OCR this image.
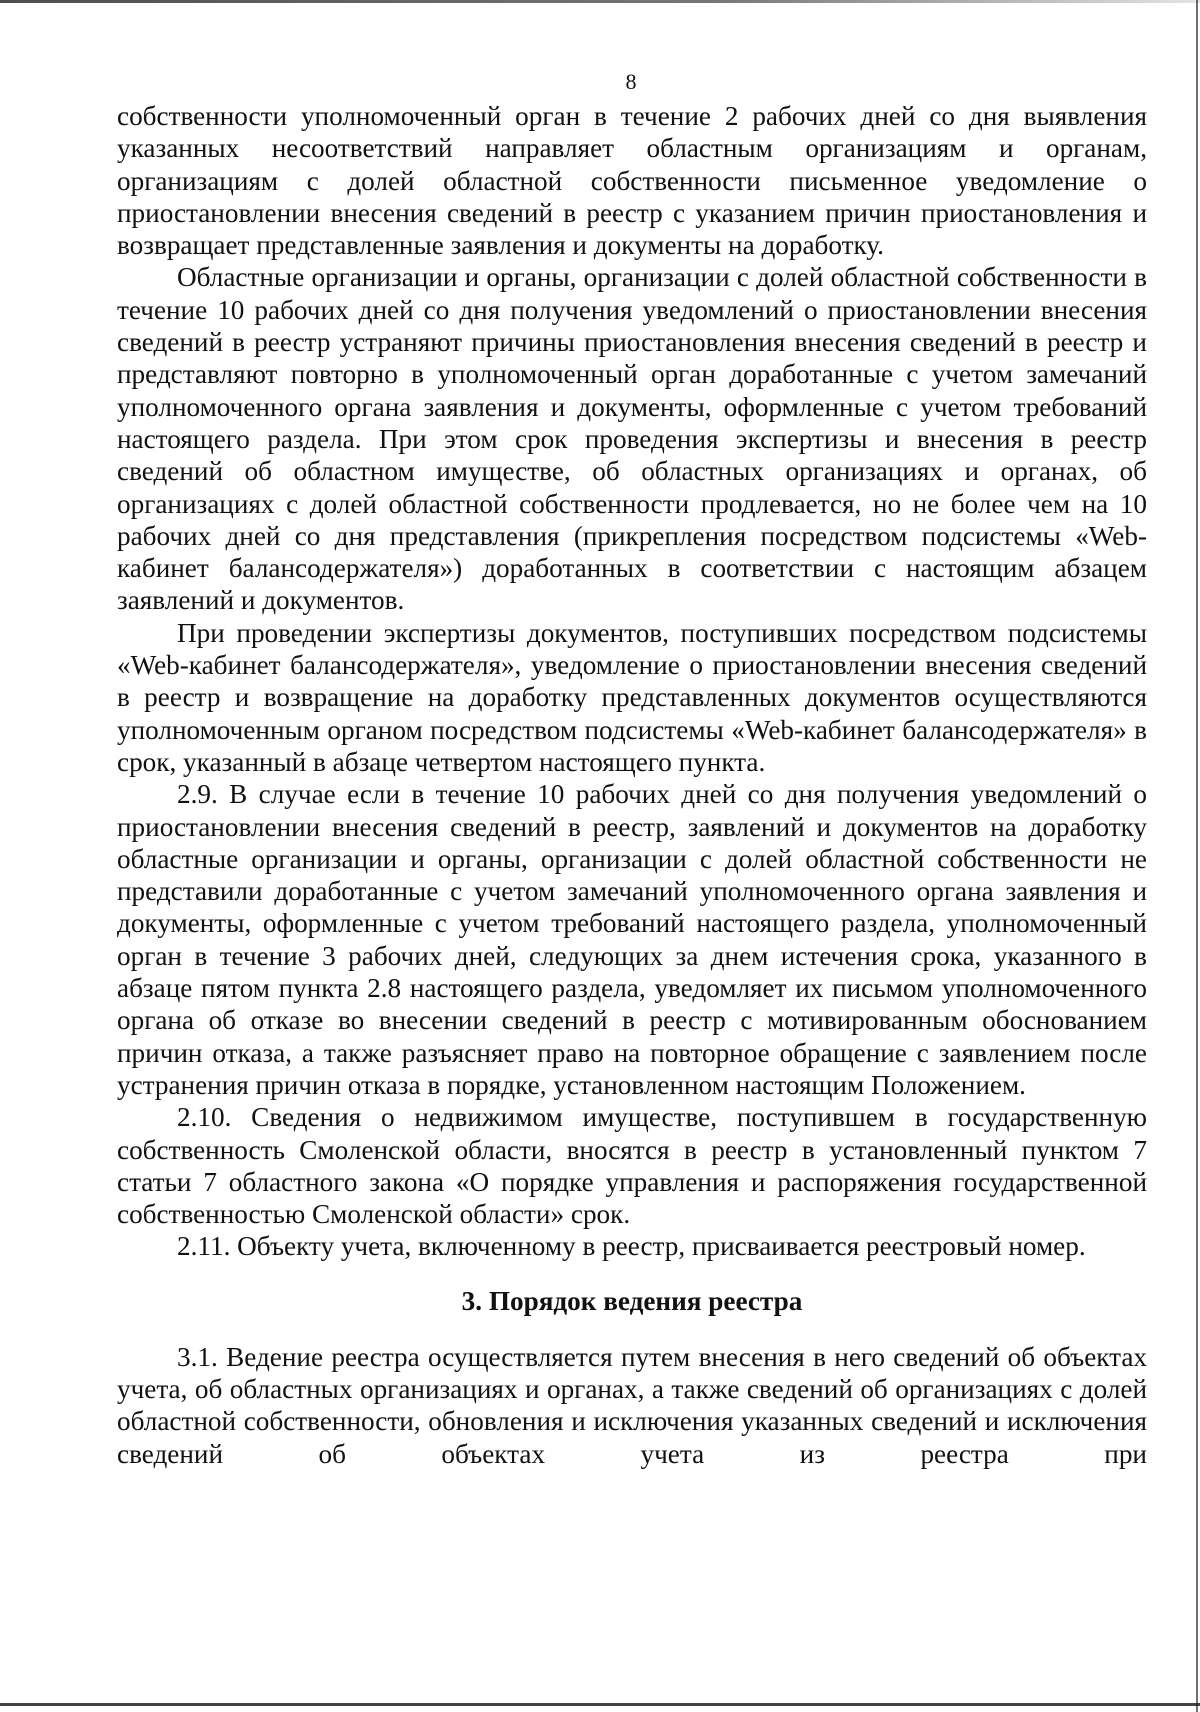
8

собственности уполномоченный орган в течение 2 рабочих дней со дня выявления указанных несоответствий направляет областным организациям и органам, организациям с долей областной собственности письменное уведомление о приостановлении внесения сведений в реестр с указанием причин приостановления и возвращает представленные заявления и документы на доработку.

Областные организации и органы, организации с долей областной собственности в течение 10 рабочих дней со дня получения уведомлений о приостановлении внесения сведений в реестр устраняют причины приостановления внесения сведений в реестр и представляют повторно в уполномоченный орган доработанные с учетом замечаний уполномоченного органа заявления и документы, оформленные с учетом требований настоящего раздела. При этом срок проведения экспертизы и внесения в реестр сведений об областном имуществе, об областных организациях и органах, об организациях с долей областной собственности продлевается, но не более чем на 10 рабочих дней со дня представления (прикрепления посредством подсистемы «Web-кабинет балансодержателя») доработанных в соответствии с настоящим абзацем заявлений и документов.

При проведении экспертизы документов, поступивших посредством подсистемы «Web-кабинет балансодержателя», уведомление о приостановлении внесения сведений в реестр и возвращение на доработку представленных документов осуществляются уполномоченным органом посредством подсистемы «Web-кабинет балансодержателя» в срок, указанный в абзаце четвертом настоящего пункта.

2.9. В случае если в течение 10 рабочих дней со дня получения уведомлений о приостановлении внесения сведений в реестр, заявлений и документов на доработку областные организации и органы, организации с долей областной собственности не представили доработанные с учетом замечаний уполномоченного органа заявления и документы, оформленные с учетом требований настоящего раздела, уполномоченный орган в течение 3 рабочих дней, следующих за днем истечения срока, указанного в абзаце пятом пункта 2.8 настоящего раздела, уведомляет их письмом уполномоченного органа об отказе во внесении сведений в реестр с мотивированным обоснованием причин отказа, а также разъясняет право на повторное обращение с заявлением после устранения причин отказа в порядке, установленном настоящим Положением.

2.10. Сведения о недвижимом имуществе, поступившем в государственную собственность Смоленской области, вносятся в реестр в установленный пунктом 7 статьи 7 областного закона «О порядке управления и распоряжения государственной собственностью Смоленской области» срок.

2.11. Объекту учета, включенному в реестр, присваивается реестровый номер.

3. Порядок ведения реестра

3.1. Ведение реестра осуществляется путем внесения в него сведений об объектах учета, об областных организациях и органах, а также сведений об организациях с долей областной собственности, обновления и исключения указанных сведений и исключения сведений об объектах учета из реестра при
